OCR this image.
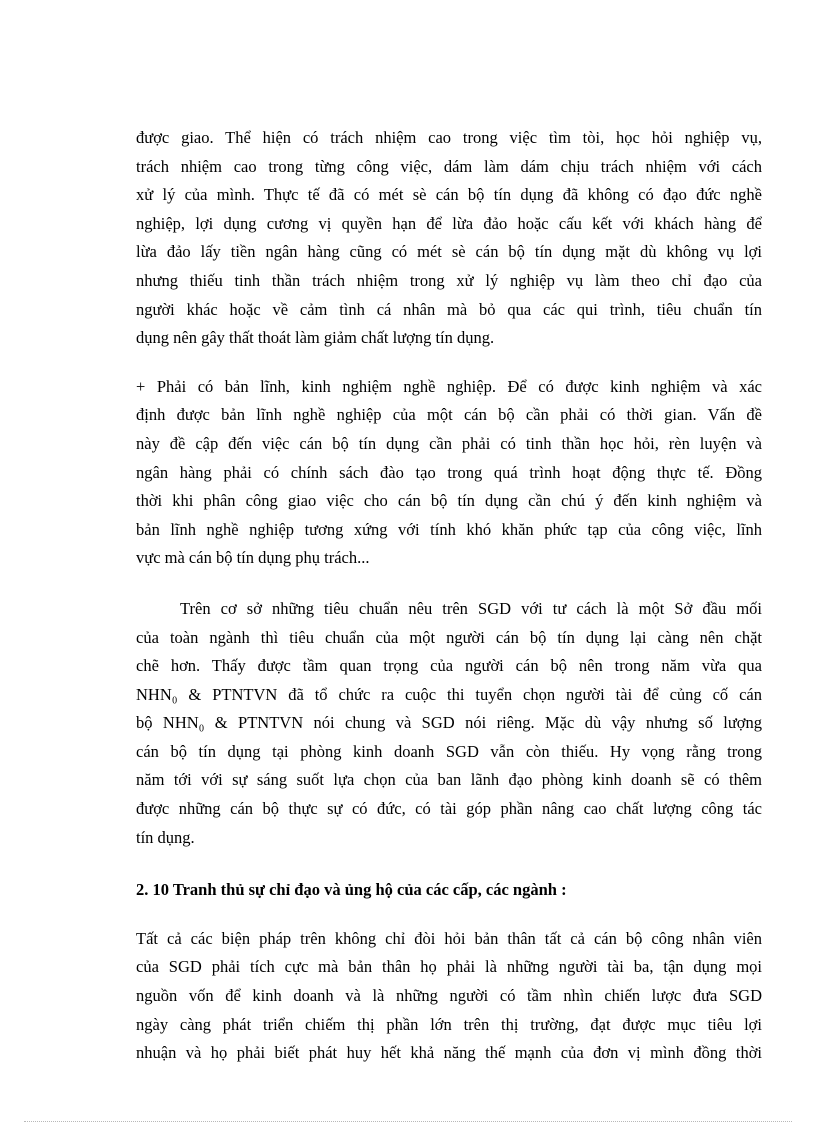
được giao. Thể hiện có trách nhiệm cao trong việc tìm tòi, học hỏi nghiệp vụ,
trách nhiệm cao trong từng công việc, dám làm dám chịu trách nhiệm với cách
xử lý của mình. Thực tế đã có mét sè cán bộ tín dụng đã không có đạo đức nghề
nghiệp, lợi dụng cương vị quyền hạn để lừa đảo hoặc cấu kết với khách hàng để
lừa đảo lấy tiền ngân hàng cũng có mét sè cán bộ tín dụng mặt dù không vụ lợi
nhưng thiếu tinh thần trách nhiệm trong xử lý nghiệp vụ làm theo chỉ đạo của
người khác hoặc về cảm tình cá nhân mà bỏ qua các qui trình, tiêu chuẩn tín
dụng nên gây thất thoát làm giảm chất lượng tín dụng.

+ Phải có bản lĩnh, kinh nghiệm nghề nghiệp. Để có được kinh nghiệm và xác
định được bản lĩnh nghề nghiệp của một cán bộ cần phải có thời gian. Vấn đề
này đề cập đến việc cán bộ tín dụng cần phải có tinh thần học hỏi, rèn luyện và
ngân hàng phải có chính sách đào tạo trong quá trình hoạt động thực tế. Đồng
thời khi phân công giao việc cho cán bộ tín dụng cần chú ý đến kinh nghiệm và
bản lĩnh nghề nghiệp tương xứng với tính khó khăn phức tạp của công việc, lĩnh
vực mà cán bộ tín dụng phụ trách...

Trên cơ sở những tiêu chuẩn nêu trên SGD với tư cách là một Sở đầu mối
của toàn ngành thì tiêu chuẩn của một người cán bộ tín dụng lại càng nên chặt
chẽ hơn. Thấy được tầm quan trọng của người cán bộ nên trong năm vừa qua
NHN₀ & PTNTVN đã tổ chức ra cuộc thi tuyển chọn người tài để củng cố cán
bộ NHN₀ & PTNTVN nói chung và SGD nói riêng. Mặc dù vậy nhưng số lượng
cán bộ tín dụng tại phòng kinh doanh SGD vẫn còn thiếu. Hy vọng rằng trong
năm tới với sự sáng suốt lựa chọn của ban lãnh đạo phòng kinh doanh sẽ có thêm
được những cán bộ thực sự có đức, có tài góp phần nâng cao chất lượng công tác
tín dụng.

2. 10 Tranh thủ sự chỉ đạo và ủng hộ của các cấp, các ngành :

Tất cả các biện pháp trên không chỉ đòi hỏi bản thân tất cả cán bộ công nhân viên
của SGD phải tích cực mà bản thân họ phải là những người tài ba, tận dụng mọi
nguồn vốn để kinh doanh và là những người có tầm nhìn chiến lược đưa SGD
ngày càng phát triển chiếm thị phần lớn trên thị trường, đạt được mục tiêu lợi
nhuận và họ phải biết phát huy hết khả năng thế mạnh của đơn vị mình đồng thời
